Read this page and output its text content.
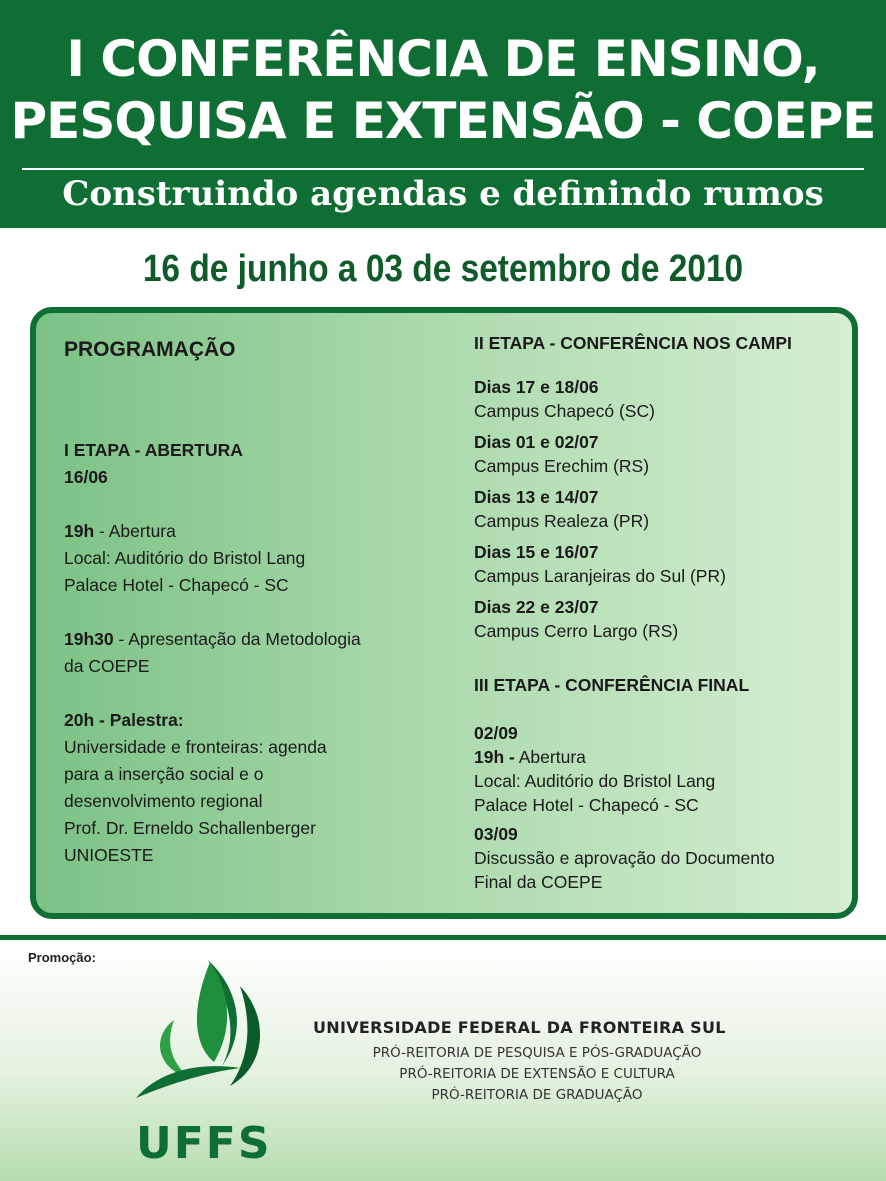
I CONFERÊNCIA DE ENSINO,
PESQUISA E EXTENSÃO - COEPE
Construindo agendas e definindo rumos
16 de junho a 03 de setembro de 2010
PROGRAMAÇÃO
I ETAPA - ABERTURA
16/06
19h - Abertura
Local: Auditório do Bristol Lang
Palace Hotel - Chapecó - SC
19h30 - Apresentação da Metodologia
da COEPE
20h - Palestra:
Universidade e fronteiras: agenda
para a inserção social e o
desenvolvimento regional
Prof. Dr. Erneldo Schallenberger
UNIOESTE
II ETAPA - CONFERÊNCIA NOS CAMPI
Dias 17 e 18/06
Campus Chapecó (SC)
Dias 01 e 02/07
Campus Erechim (RS)
Dias 13 e 14/07
Campus Realeza (PR)
Dias 15 e 16/07
Campus Laranjeiras do Sul (PR)
Dias 22 e 23/07
Campus Cerro Largo (RS)
III ETAPA - CONFERÊNCIA FINAL
02/09
19h - Abertura
Local: Auditório do Bristol Lang
Palace Hotel - Chapecó - SC
03/09
Discussão e aprovação do Documento
Final da COEPE
Promoção:
UFFS
UNIVERSIDADE FEDERAL DA FRONTEIRA SUL
PRÓ-REITORIA DE PESQUISA E PÓS-GRADUAÇÃO
PRÓ-REITORIA DE EXTENSÃO E CULTURA
PRÓ-REITORIA DE GRADUAÇÃO
